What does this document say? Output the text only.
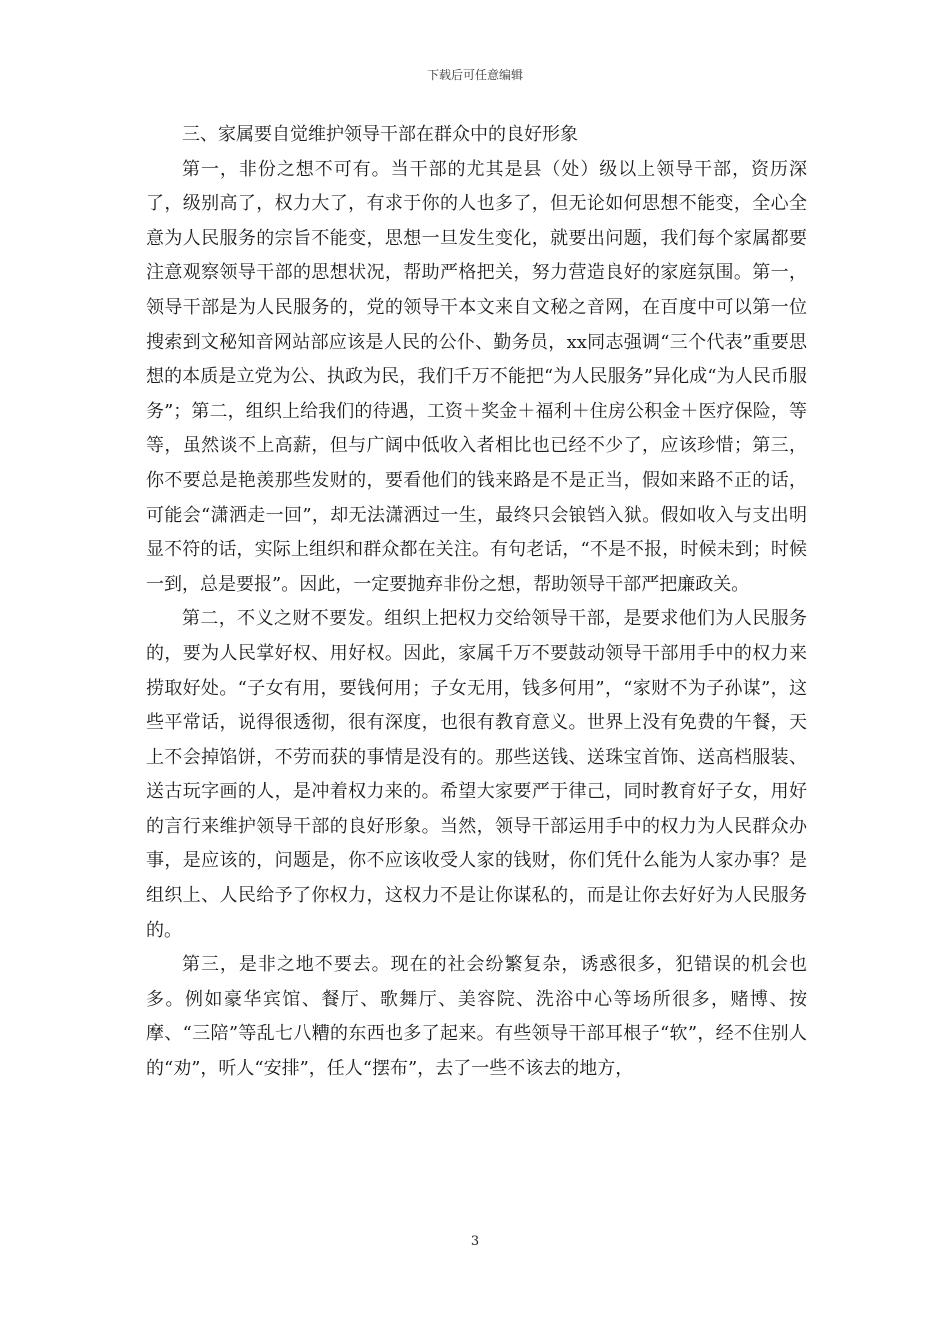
下载后可任意编辑

三、家属要自觉维护领导干部在群众中的良好形象

第一，非份之想不可有。当干部的尤其是县（处）级以上领导干部，资历深了，级别高了，权力大了，有求于你的人也多了，但无论如何思想不能变，全心全意为人民服务的宗旨不能变，思想一旦发生变化，就要出问题，我们每个家属都要注意观察领导干部的思想状况，帮助严格把关，努力营造良好的家庭氛围。第一，领导干部是为人民服务的，党的领导干本文来自文秘之音网，在百度中可以第一位搜索到文秘知音网站部应该是人民的公仆、勤务员，xx同志强调“三个代表”重要思想的本质是立党为公、执政为民，我们千万不能把“为人民服务”异化成“为人民币服务”；第二，组织上给我们的待遇，工资＋奖金＋福利＋住房公积金＋医疗保险，等等，虽然谈不上高薪，但与广阔中低收入者相比也已经不少了，应该珍惜；第三，你不要总是艳羡那些发财的，要看他们的钱来路是不是正当，假如来路不正的话，可能会“潇洒走一回”，却无法潇洒过一生，最终只会锒铛入狱。假如收入与支出明显不符的话，实际上组织和群众都在关注。有句老话，“不是不报，时候未到；时候一到，总是要报”。因此，一定要抛弃非份之想，帮助领导干部严把廉政关。

第二，不义之财不要发。组织上把权力交给领导干部，是要求他们为人民服务的，要为人民掌好权、用好权。因此，家属千万不要鼓动领导干部用手中的权力来捞取好处。“子女有用，要钱何用；子女无用，钱多何用”，“家财不为子孙谋”，这些平常话，说得很透彻，很有深度，也很有教育意义。世界上没有免费的午餐，天上不会掉馅饼，不劳而获的事情是没有的。那些送钱、送珠宝首饰、送高档服装、送古玩字画的人，是冲着权力来的。希望大家要严于律己，同时教育好子女，用好的言行来维护领导干部的良好形象。当然，领导干部运用手中的权力为人民群众办事，是应该的，问题是，你不应该收受人家的钱财，你们凭什么能为人家办事？是组织上、人民给予了你权力，这权力不是让你谋私的，而是让你去好好为人民服务的。

第三，是非之地不要去。现在的社会纷繁复杂，诱惑很多，犯错误的机会也多。例如豪华宾馆、餐厅、歌舞厅、美容院、洗浴中心等场所很多，赌博、按摩、“三陪”等乱七八糟的东西也多了起来。有些领导干部耳根子“软”，经不住别人的“劝”，听人“安排”，任人“摆布”，去了一些不该去的地方，

3
